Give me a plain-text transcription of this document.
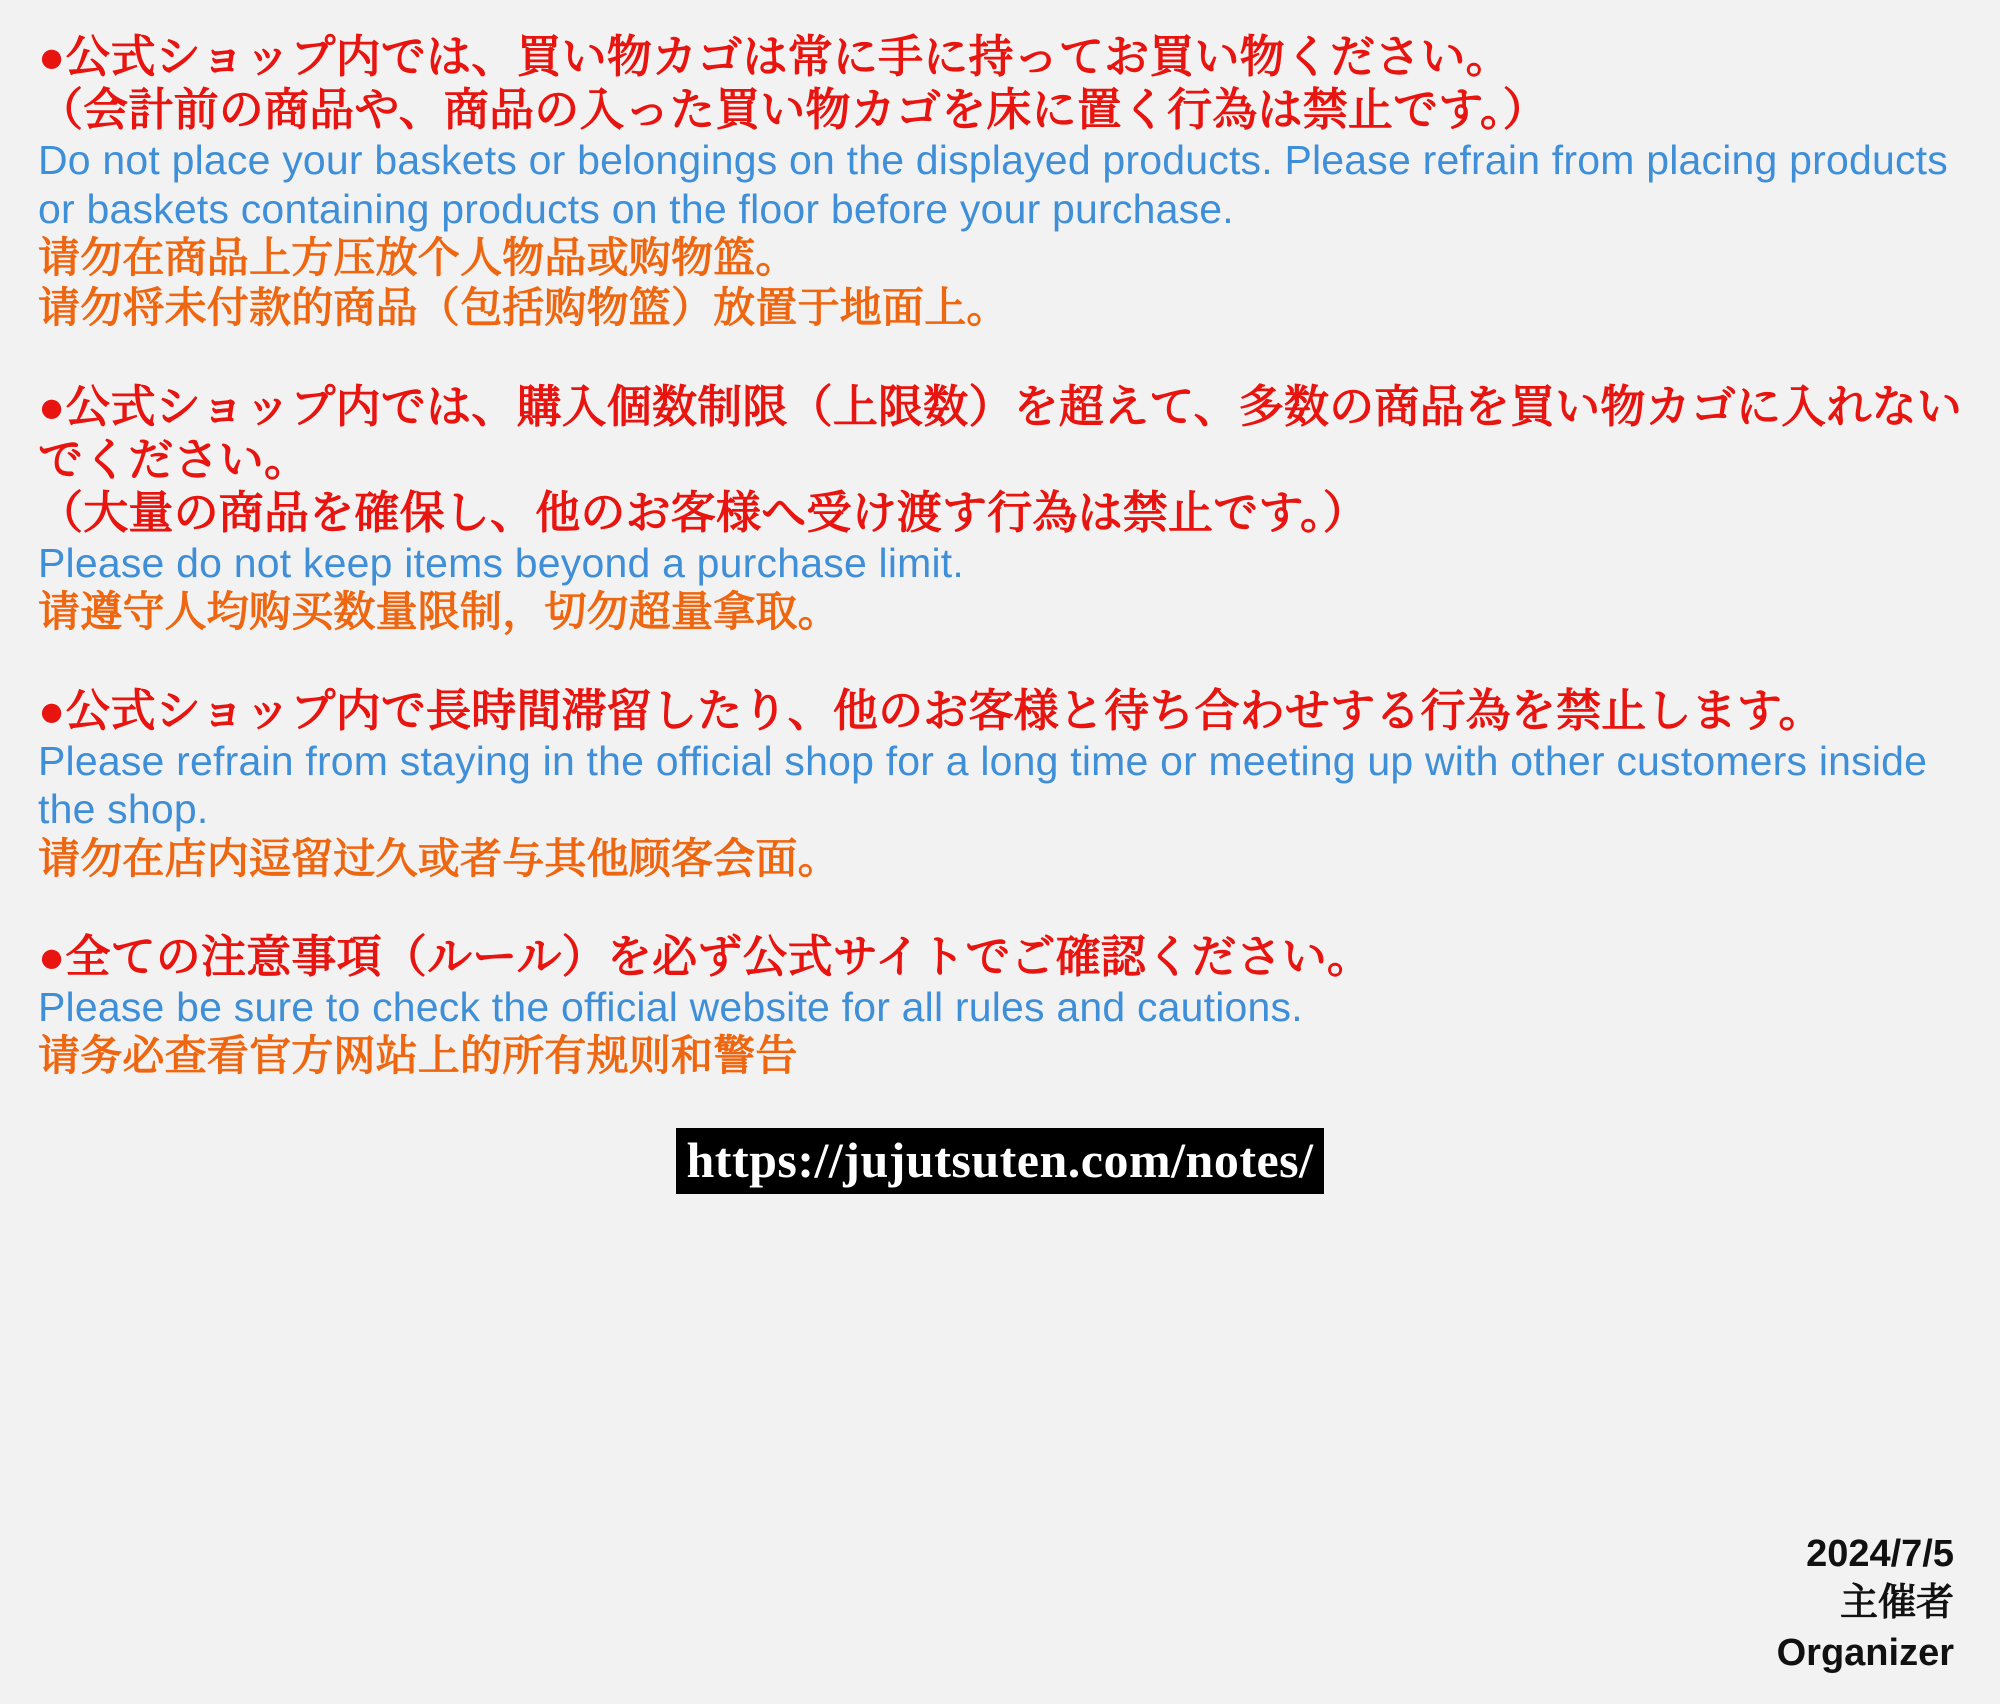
●公式ショップ内では、買い物カゴは常に手に持ってお買い物ください。

（会計前の商品や、商品の入った買い物カゴを床に置く行為は禁止です。）

Do not place your baskets or belongings on the displayed products. Please refrain from placing products or baskets containing products on the floor before your purchase.

请勿在商品上方压放个人物品或购物篮。

请勿将未付款的商品（包括购物篮）放置于地面上。

●公式ショップ内では、購入個数制限（上限数）を超えて、多数の商品を買い物カゴに入れないでください。

（大量の商品を確保し、他のお客様へ受け渡す行為は禁止です。）

Please do not keep items beyond a purchase limit.

请遵守人均购买数量限制，切勿超量拿取。

●公式ショップ内で長時間滞留したり、他のお客様と待ち合わせする行為を禁止します。

Please refrain from staying in the official shop for a long time or meeting up with other customers inside the shop.

请勿在店内逗留过久或者与其他顾客会面。

●全ての注意事項（ルール）を必ず公式サイトでご確認ください。

Please be sure to check the official website for all rules and cautions.

请务必查看官方网站上的所有规则和警告

https://jujutsuten.com/notes/
2024/7/5
主催者
Organizer
